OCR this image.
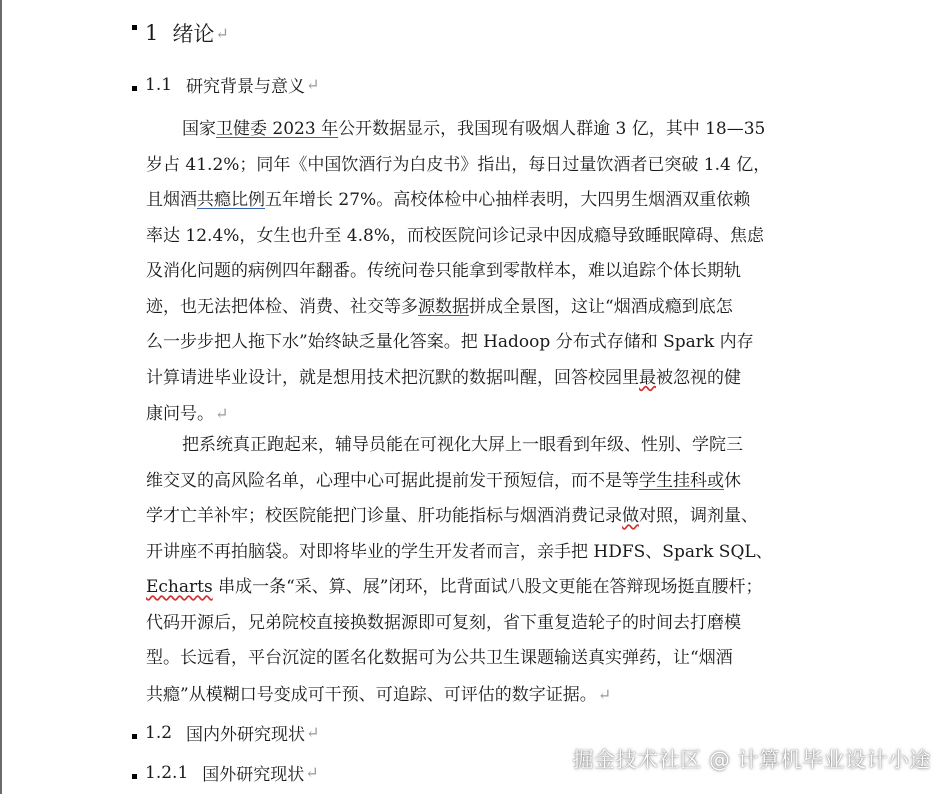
1 绪论 ↵
1.1 研究背景与意义 ↵
国家卫健委 2023 年公开数据显示，我国现有吸烟人群逾 3 亿，其中 18—35
岁占 41.2%；同年《中国饮酒行为白皮书》指出，每日过量饮酒者已突破 1.4 亿，
且烟酒共瘾比例五年增长 27%。高校体检中心抽样表明，大四男生烟酒双重依赖
率达 12.4%，女生也升至 4.8%，而校医院问诊记录中因成瘾导致睡眠障碍、焦虑
及消化问题的病例四年翻番。传统问卷只能拿到零散样本，难以追踪个体长期轨
迹，也无法把体检、消费、社交等多源数据拼成全景图，这让“烟酒成瘾到底怎
么一步步把人拖下水”始终缺乏量化答案。把 Hadoop 分布式存储和 Spark 内存
计算请进毕业设计，就是想用技术把沉默的数据叫醒，回答校园里最被忽视的健
康问号。↵
把系统真正跑起来，辅导员能在可视化大屏上一眼看到年级、性别、学院三
维交叉的高风险名单，心理中心可据此提前发干预短信，而不是等学生挂科或休
学才亡羊补牢；校医院能把门诊量、肝功能指标与烟酒消费记录做对照，调剂量、
开讲座不再拍脑袋。对即将毕业的学生开发者而言，亲手把 HDFS、Spark SQL、
Echarts 串成一条“采、算、展”闭环，比背面试八股文更能在答辩现场挺直腰杆；
代码开源后，兄弟院校直接换数据源即可复刻，省下重复造轮子的时间去打磨模
型。长远看，平台沉淀的匿名化数据可为公共卫生课题输送真实弹药，让“烟酒
共瘾”从模糊口号变成可干预、可追踪、可评估的数字证据。↵
1.2 国内外研究现状 ↵
1.2.1 国外研究现状 ↵
掘金技术社区 @ 计算机毕业设计小途
